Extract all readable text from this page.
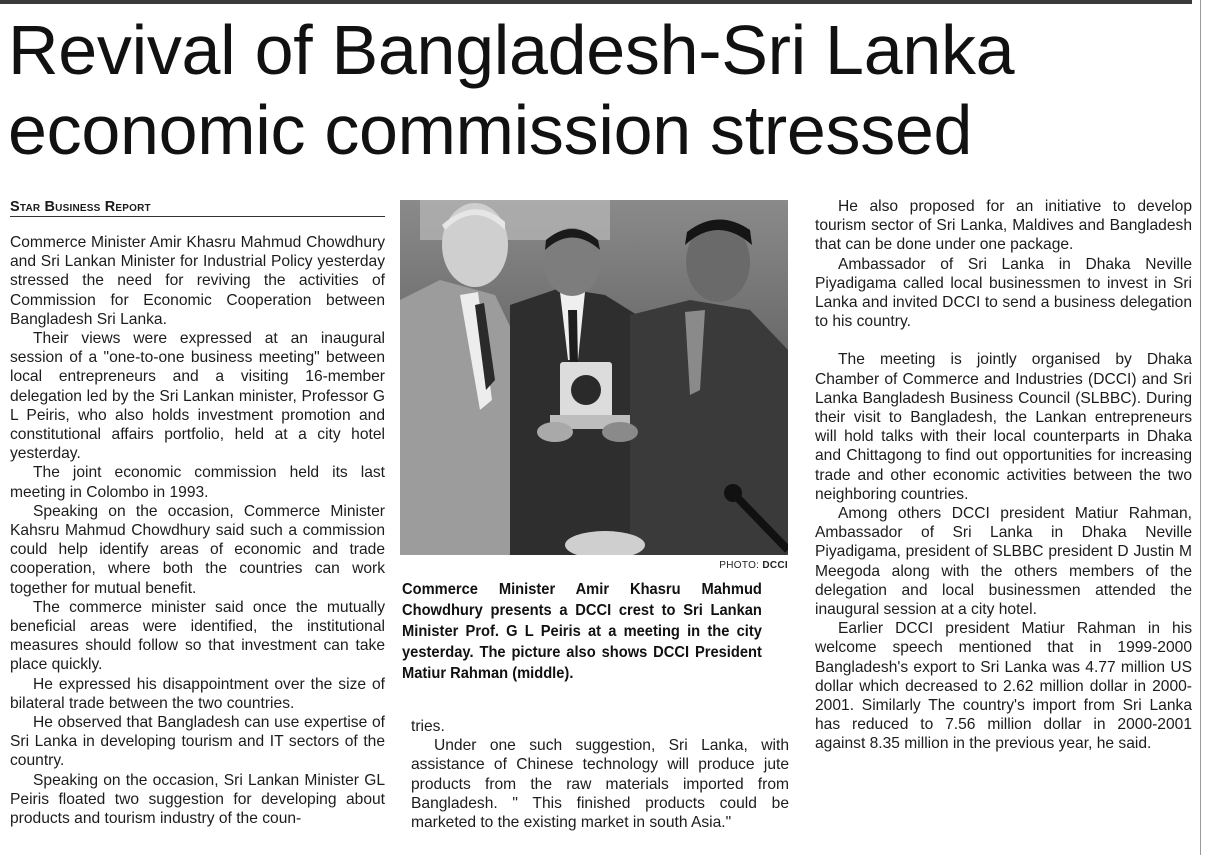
Revival of Bangladesh-Sri Lanka economic commission stressed
Star Business Report

Commerce Minister Amir Khasru Mahmud Chowdhury and Sri Lankan Minister for Industrial Policy yesterday stressed the need for reviving the activities of Commission for Economic Cooperation between Bangladesh Sri Lanka.

Their views were expressed at an inaugural session of a "one-to-one business meeting" between local entrepreneurs and a visiting 16-member delegation led by the Sri Lankan minister, Professor G L Peiris, who also holds investment promotion and constitutional affairs portfolio, held at a city hotel yesterday.

The joint economic commission held its last meeting in Colombo in 1993.

Speaking on the occasion, Commerce Minister Kahsru Mahmud Chowdhury said such a commission could help identify areas of economic and trade cooperation, where both the countries can work together for mutual benefit.

The commerce minister said once the mutually beneficial areas were identified, the institutional measures should follow so that investment can take place quickly.

He expressed his disappointment over the size of bilateral trade between the two countries.

He observed that Bangladesh can use expertise of Sri Lanka in developing tourism and IT sectors of the country.

Speaking on the occasion, Sri Lankan Minister GL Peiris floated two suggestion for developing about products and tourism industry of the coun-

PHOTO: DCCI

Commerce Minister Amir Khasru Mahmud Chowdhury presents a DCCI crest to Sri Lankan Minister Prof. G L Peiris at a meeting in the city yesterday. The picture also shows DCCI President Matiur Rahman (middle).

tries.

Under one such suggestion, Sri Lanka, with assistance of Chinese technology will produce jute products from the raw materials imported from Bangladesh. " This finished products could be marketed to the existing market in south Asia."

He also proposed for an initiative to develop tourism sector of Sri Lanka, Maldives and Bangladesh that can be done under one package.

Ambassador of Sri Lanka in Dhaka Neville Piyadigama called local businessmen to invest in Sri Lanka and invited DCCI to send a business delegation to his country.

The meeting is jointly organised by Dhaka Chamber of Commerce and Industries (DCCI) and Sri Lanka Bangladesh Business Council (SLBBC). During their visit to Bangladesh, the Lankan entrepreneurs will hold talks with their local counterparts in Dhaka and Chittagong to find out opportunities for increasing trade and other economic activities between the two neighboring countries.

Among others DCCI president Matiur Rahman, Ambassador of Sri Lanka in Dhaka Neville Piyadigama, president of SLBBC president D Justin M Meegoda along with the others members of the delegation and local businessmen attended the inaugural session at a city hotel.

Earlier DCCI president Matiur Rahman in his welcome speech mentioned that in 1999-2000 Bangladesh's export to Sri Lanka was 4.77 million US dollar which decreased to 2.62 million dollar in 2000-2001. Similarly The country's import from Sri Lanka has reduced to 7.56 million dollar in 2000-2001 against 8.35 million in the previous year, he said.
